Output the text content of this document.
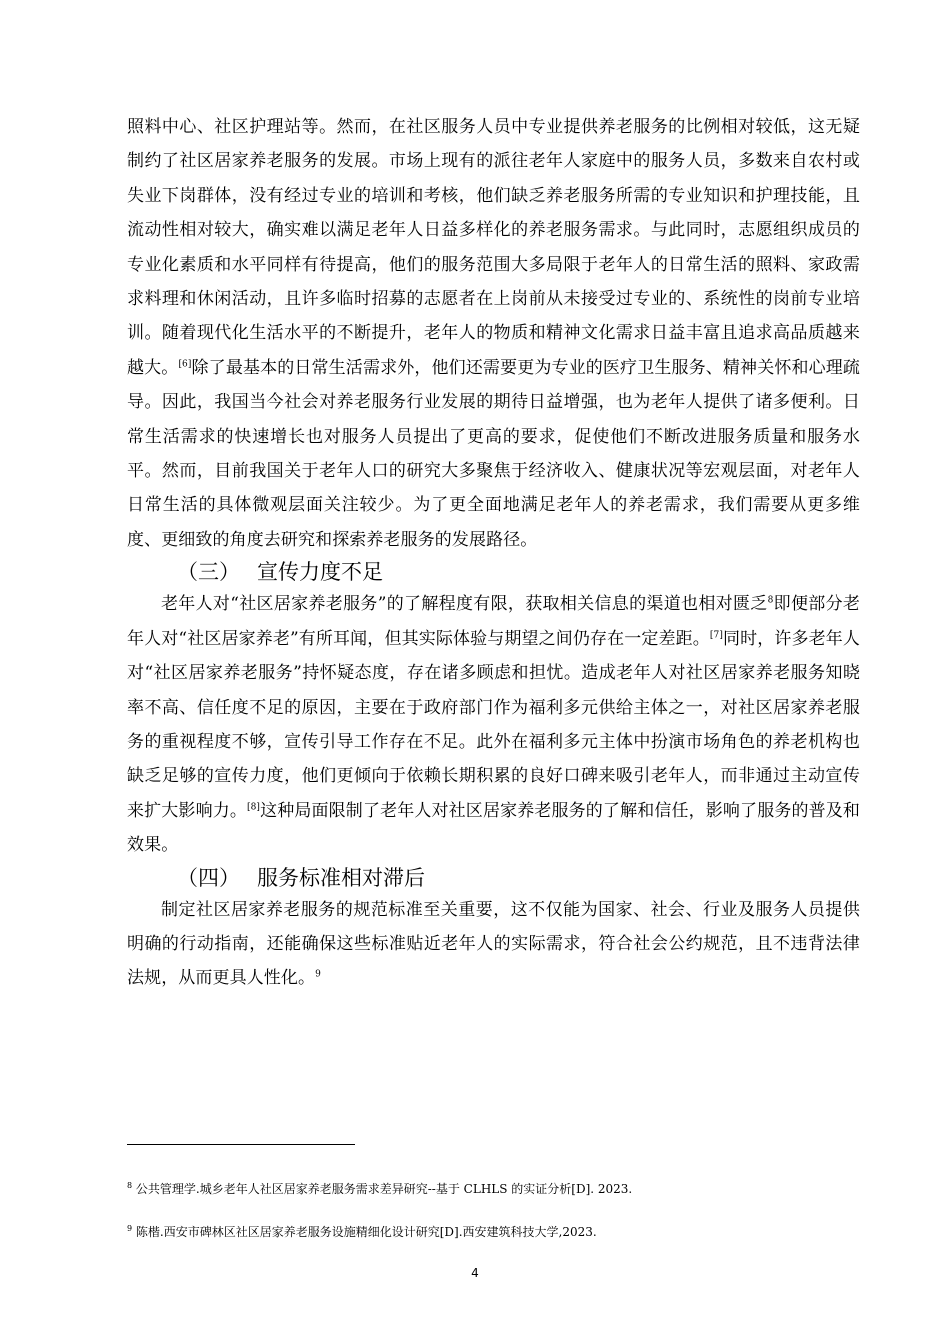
照料中心、社区护理站等。然而，在社区服务人员中专业提供养老服务的比例相对较低，这无疑制约了社区居家养老服务的发展。市场上现有的派往老年人家庭中的服务人员，多数来自农村或失业下岗群体，没有经过专业的培训和考核，他们缺乏养老服务所需的专业知识和护理技能，且流动性相对较大，确实难以满足老年人日益多样化的养老服务需求。与此同时，志愿组织成员的专业化素质和水平同样有待提高，他们的服务范围大多局限于老年人的日常生活的照料、家政需求料理和休闲活动，且许多临时招募的志愿者在上岗前从未接受过专业的、系统性的岗前专业培训。随着现代化生活水平的不断提升，老年人的物质和精神文化需求日益丰富且追求高品质越来越大。[6]除了最基本的日常生活需求外，他们还需要更为专业的医疗卫生服务、精神关怀和心理疏导。因此，我国当今社会对养老服务行业发展的期待日益增强，也为老年人提供了诸多便利。日常生活需求的快速增长也对服务人员提出了更高的要求，促使他们不断改进服务质量和服务水平。然而，目前我国关于老年人口的研究大多聚焦于经济收入、健康状况等宏观层面，对老年人日常生活的具体微观层面关注较少。为了更全面地满足老年人的养老需求，我们需要从更多维度、更细致的角度去研究和探索养老服务的发展路径。

（三） 宣传力度不足

老年人对“社区居家养老服务”的了解程度有限，获取相关信息的渠道也相对匮乏$^8$即便部分老年人对“社区居家养老”有所耳闻，但其实际体验与期望之间仍存在一定差距。[7]同时，许多老年人对“社区居家养老服务”持怀疑态度，存在诸多顾虑和担忧。造成老年人对社区居家养老服务知晓率不高、信任度不足的原因，主要在于政府部门作为福利多元供给主体之一，对社区居家养老服务的重视程度不够，宣传引导工作存在不足。此外在福利多元主体中扮演市场角色的养老机构也缺乏足够的宣传力度，他们更倾向于依赖长期积累的良好口碑来吸引老年人，而非通过主动宣传来扩大影响力。[8]这种局面限制了老年人对社区居家养老服务的了解和信任，影响了服务的普及和效果。

（四） 服务标准相对滞后

制定社区居家养老服务的规范标准至关重要，这不仅能为国家、社会、行业及服务人员提供明确的行动指南，还能确保这些标准贴近老年人的实际需求，符合社会公约规范，且不违背法律法规，从而更具人性化。$^9$

$^8$ 公共管理学.城乡老年人社区居家养老服务需求差异研究--基于 CLHLS 的实证分析[D]. 2023.
$^9$ 陈楷.西安市碑林区社区居家养老服务设施精细化设计研究[D].西安建筑科技大学,2023.
4
